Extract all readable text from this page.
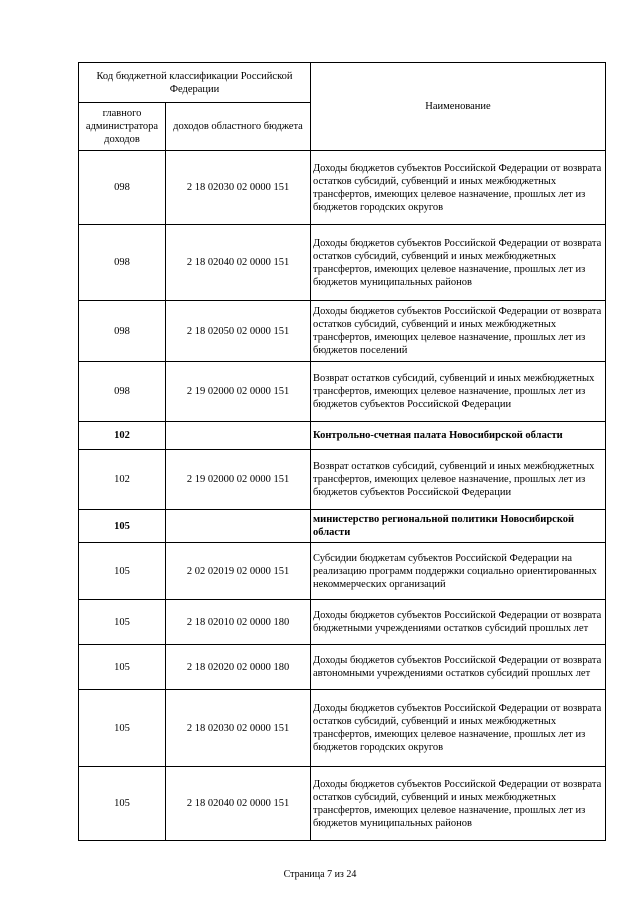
Код бюджетной классификации Российской Федерации		Наименование
главного администратора доходов	доходов областного бюджета	
098	2 18 02030 02 0000 151	Доходы бюджетов субъектов Российской Федерации от возврата остатков субсидий, субвенций и иных межбюджетных трансфертов, имеющих целевое назначение, прошлых лет из бюджетов городских округов
098	2 18 02040 02 0000 151	Доходы бюджетов субъектов Российской Федерации от возврата остатков субсидий, субвенций и иных межбюджетных трансфертов, имеющих целевое назначение, прошлых лет из бюджетов муниципальных районов
098	2 18 02050 02 0000 151	Доходы бюджетов субъектов Российской Федерации от возврата остатков субсидий, субвенций и иных межбюджетных трансфертов, имеющих целевое назначение, прошлых лет из бюджетов поселений
098	2 19 02000 02 0000 151	Возврат остатков субсидий, субвенций и иных межбюджетных трансфертов, имеющих целевое назначение, прошлых лет из бюджетов субъектов Российской Федерации
102		Контрольно-счетная палата Новосибирской области
102	2 19 02000 02 0000 151	Возврат остатков субсидий, субвенций и иных межбюджетных трансфертов, имеющих целевое назначение, прошлых лет из бюджетов субъектов Российской Федерации
105		министерство региональной политики Новосибирской области
105	2 02 02019 02 0000 151	Субсидии бюджетам субъектов Российской Федерации на реализацию программ поддержки социально ориентированных некоммерческих организаций
105	2 18 02010 02 0000 180	Доходы бюджетов субъектов Российской Федерации от возврата бюджетными учреждениями остатков субсидий прошлых лет
105	2 18 02020 02 0000 180	Доходы бюджетов субъектов Российской Федерации от возврата автономными учреждениями остатков субсидий прошлых лет
105	2 18 02030 02 0000 151	Доходы бюджетов субъектов Российской Федерации от возврата остатков субсидий, субвенций и иных межбюджетных трансфертов, имеющих целевое назначение, прошлых лет из бюджетов городских округов
105	2 18 02040 02 0000 151	Доходы бюджетов субъектов Российской Федерации от возврата остатков субсидий, субвенций и иных межбюджетных трансфертов, имеющих целевое назначение, прошлых лет из бюджетов муниципальных районов
Страница 7 из 24
